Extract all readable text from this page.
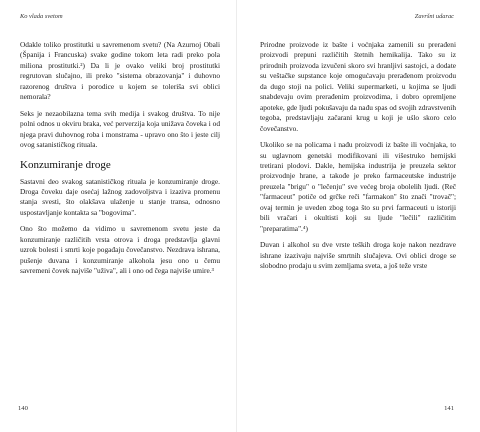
Ko vlada svetom

Odakle toliko prostitutki u savremenom svetu? (Na Azurnoj Obali (Španija i Francuska) svake godine tokom leta radi preko pola miliona prostitutki.²) Da li je ovako veliki broj prostitutki regrutovan slučajno, ili preko "sistema obrazovanja" i duhovno razorenog društva i porodice u kojem se toleriša svi oblici nemorala?

Seks je nezaobilazna tema svih medija i svakog društva. To nije polni odnos u okviru braka, već perverzija koja unižava čoveka i od njega pravi duhovnog roba i monstrama - upravo ono što i jeste cilj ovog satanističkog rituala.

Konzumiranje droge

Sastavni deo svakog satanističkog rituala je konzumiranje droge. Droga čoveku daje osećaj lažnog zadovoljstva i izaziva promenu stanja svesti, što olakšava ulaženje u stanje transa, odnosno uspostavljanje kontakta sa "bogovima".

Ono što možemo da vidimo u savremenom svetu jeste da konzumiranje različitih vrsta otrova i droga predstavlja glavni uzrok bolesti i smrti koje pogađaju čovečanstvo. Nezdrava ishrana, pušenje duvana i konzumiranje alkohola jesu ono u čemu savremeni čovek najviše "uživa", ali i ono od čega najviše umire.³

140
Završni udarac

Prirodne proizvode iz bašte i voćnjaka zamenili su prerađeni proizvodi prepuni različitih štetnih hemikalija. Tako su iz prirodnih proizvoda izvučeni skoro svi hranljivi sastojci, a dodate su veštačke supstance koje omogućavaju prerađenom proizvodu da dugo stoji na polici. Veliki supermarketi, u kojima se ljudi snabdevaju ovim prerađenim proizvodima, i dobro opremljene apoteke, gde ljudi pokušavaju da nađu spas od svojih zdravstvenih tegoba, predstavljaju začarani krug u koji je uślo skoro celo čovečanstvo.

Ukoliko se na policama i nađu proizvodi iz bašte ili voćnjaka, to su uglavnom genetski modifikovani ili višestruko hemijski tretirani plodovi. Dakle, hemijska industrija je preuzela sektor proizvodnje hrane, a takođe je preko farmaceutske industrije preuzela "brigu" o "lečenju" sve većeg broja obolelih ljudi. (Reč "farmaceut" potiče od grčke reči "farmakon" što znači "trovač"; ovaj termin je uveden zbog toga što su prvi farmaceuti u istoriji bili vračari i okultisti koji su ljude "lečili" različitim "preparatima".⁴)

Duvan i alkohol su dve vrste teških droga koje nakon nezdrave ishrane izazivaju najviše smrtnih slučajeva. Ovi oblici droge se slobodno prodaju u svim zemljama sveta, a još teže vrste

141
